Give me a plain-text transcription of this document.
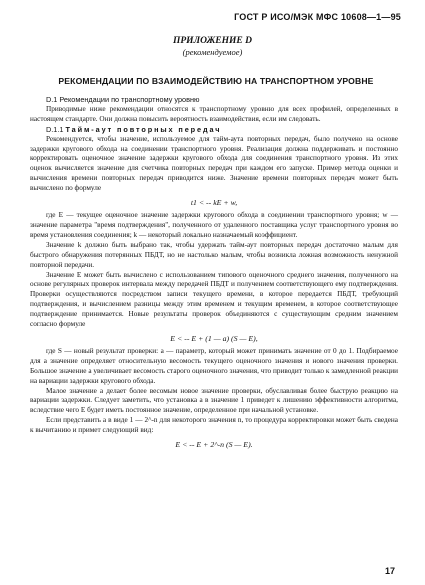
ГОСТ Р ИСО/МЭК МФС 10608—1—95
ПРИЛОЖЕНИЕ D
(рекомендуемое)
РЕКОМЕНДАЦИИ ПО ВЗАИМОДЕЙСТВИЮ НА ТРАНСПОРТНОМ УРОВНЕ
D.1 Рекомендации по транспортному уровню

Приводимые ниже рекомендации относятся к транспортному уровню для всех профилей, определенных в настоящем стандарте. Они должна повысить вероятность взаимодействия, если им следовать.

D.1.1 Тайм-аут повторных передач

Рекомендуется, чтобы значение, используемое для тайм-аута повторных передач, было получено на основе задержки кругового обхода на соединении транспортного уровня. Реализация должна поддерживать и постоянно корректировать оценочное значение задержки кругового обхода для соединения транспортного уровня. Из этих оценок вычисляется значение для счетчика повторных передач при каждом его запуске. Пример метода оценки и вычисления времени повторных передач приводится ниже. Значение времени повторных передач может быть вычислено по формуле

t1 < -- kE + w,

где E — текущее оценочное значение задержки кругового обхода в соединении транспортного уровня; w — значение параметра "время подтверждения", полученного от удаленного поставщика услуг транспортного уровня во время установления соединения; k — некоторый локально назначаемый коэффициент.

Значение k должно быть выбрано так, чтобы удержать тайм-аут повторных передач достаточно малым для быстрого обнаружения потерянных ПБДТ, но не настолько малым, чтобы возникла ложная возможность ненужной повторной передачи.

Значение E может быть вычислено с использованием типового оценочного среднего значения, полученного на основе регулярных проверок интервала между передачей ПБДТ и получением соответствующего ему подтверждения. Проверки осуществляются посредством записи текущего времени, в которое передается ПБДТ, требующий подтверждения, и вычислением разницы между этим временем и текущим временем, в которое соответствующее подтверждение принимается. Новые результаты проверок объединяются с существующим средним значением согласно формуле

E < -- E + (1 — a) (S — E),

где S — новый результат проверки: a — параметр, который может принимать значение от 0 до 1. Подбираемое для a значение определяет относительную весомость текущего оценочного значения и нового значения проверки. Большое значение a увеличивает весомость старого оценочного значения, что приводит только к замедленной реакции на вариации задержки кругового обхода.

Малое значение a делает более весомым новое значение проверки, обуславливая более быструю реакцию на вариации задержки. Следует заметить, что установка a в значение 1 приведет к лишению эффективности алгоритма, вследствие чего E будет иметь постоянное значение, определенное при начальной установке.

Если представить a в виде 1 — 2^-n для некоторого значения n, то процедура корректировки может быть сведена к вычитанию и примет следующий вид:

E < -- E + 2^-n (S — E).
17
